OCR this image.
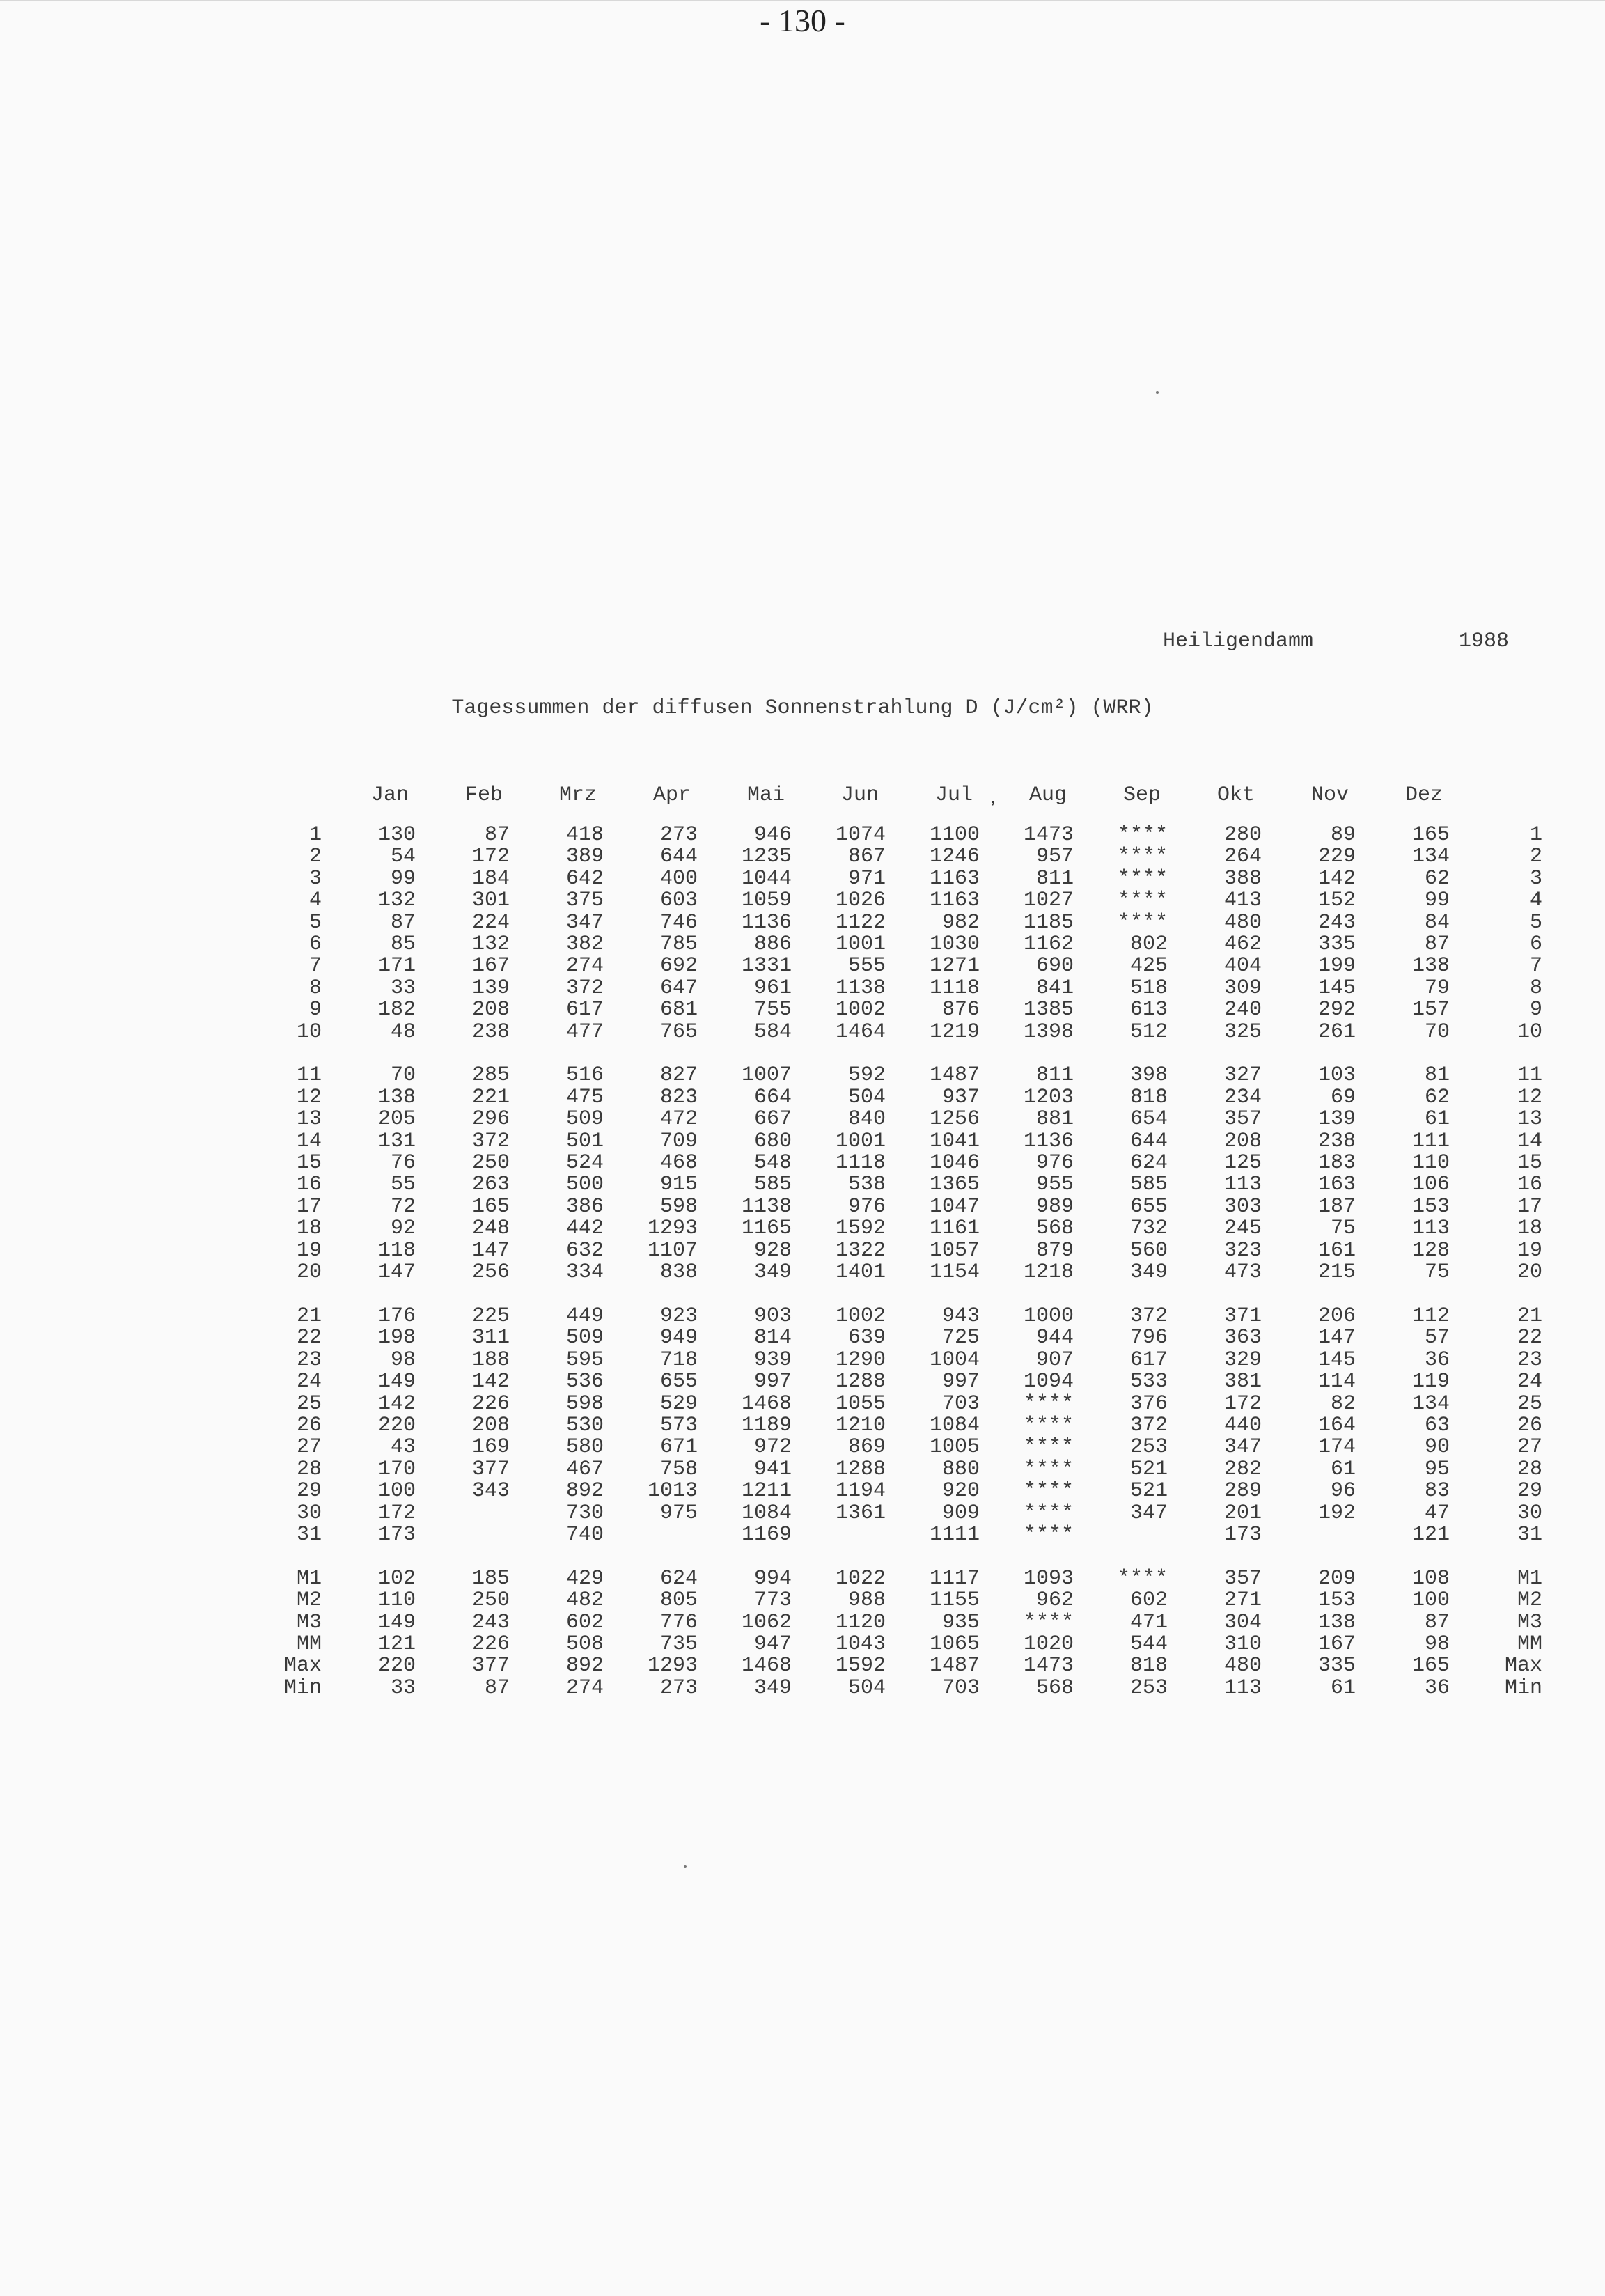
- 130 -
Heiligendamm	1988
Tagessummen der diffusen Sonnenstrahlung D (J/cm²) (WRR)
,
	Jan	Feb	Mrz	Apr	Mai	Jun	Jul	Aug	Sep	Okt	Nov	Dez	
1	130	87	418	273	946	1074	1100	1473	****	280	89	165	1
2	54	172	389	644	1235	867	1246	957	****	264	229	134	2
3	99	184	642	400	1044	971	1163	811	****	388	142	62	3
4	132	301	375	603	1059	1026	1163	1027	****	413	152	99	4
5	87	224	347	746	1136	1122	982	1185	****	480	243	84	5
6	85	132	382	785	886	1001	1030	1162	802	462	335	87	6
7	171	167	274	692	1331	555	1271	690	425	404	199	138	7
8	33	139	372	647	961	1138	1118	841	518	309	145	79	8
9	182	208	617	681	755	1002	876	1385	613	240	292	157	9
10	48	238	477	765	584	1464	1219	1398	512	325	261	70	10

11	70	285	516	827	1007	592	1487	811	398	327	103	81	11
12	138	221	475	823	664	504	937	1203	818	234	69	62	12
13	205	296	509	472	667	840	1256	881	654	357	139	61	13
14	131	372	501	709	680	1001	1041	1136	644	208	238	111	14
15	76	250	524	468	548	1118	1046	976	624	125	183	110	15
16	55	263	500	915	585	538	1365	955	585	113	163	106	16
17	72	165	386	598	1138	976	1047	989	655	303	187	153	17
18	92	248	442	1293	1165	1592	1161	568	732	245	75	113	18
19	118	147	632	1107	928	1322	1057	879	560	323	161	128	19
20	147	256	334	838	349	1401	1154	1218	349	473	215	75	20

21	176	225	449	923	903	1002	943	1000	372	371	206	112	21
22	198	311	509	949	814	639	725	944	796	363	147	57	22
23	98	188	595	718	939	1290	1004	907	617	329	145	36	23
24	149	142	536	655	997	1288	997	1094	533	381	114	119	24
25	142	226	598	529	1468	1055	703	****	376	172	82	134	25
26	220	208	530	573	1189	1210	1084	****	372	440	164	63	26
27	43	169	580	671	972	869	1005	****	253	347	174	90	27
28	170	377	467	758	941	1288	880	****	521	282	61	95	28
29	100	343	892	1013	1211	1194	920	****	521	289	96	83	29
30	172		730	975	1084	1361	909	****	347	201	192	47	30
31	173		740		1169		1111	****		173		121	31

M1	102	185	429	624	994	1022	1117	1093	****	357	209	108	M1
M2	110	250	482	805	773	988	1155	962	602	271	153	100	M2
M3	149	243	602	776	1062	1120	935	****	471	304	138	87	M3
MM	121	226	508	735	947	1043	1065	1020	544	310	167	98	MM
Max	220	377	892	1293	1468	1592	1487	1473	818	480	335	165	Max
Min	33	87	274	273	349	504	703	568	253	113	61	36	Min
